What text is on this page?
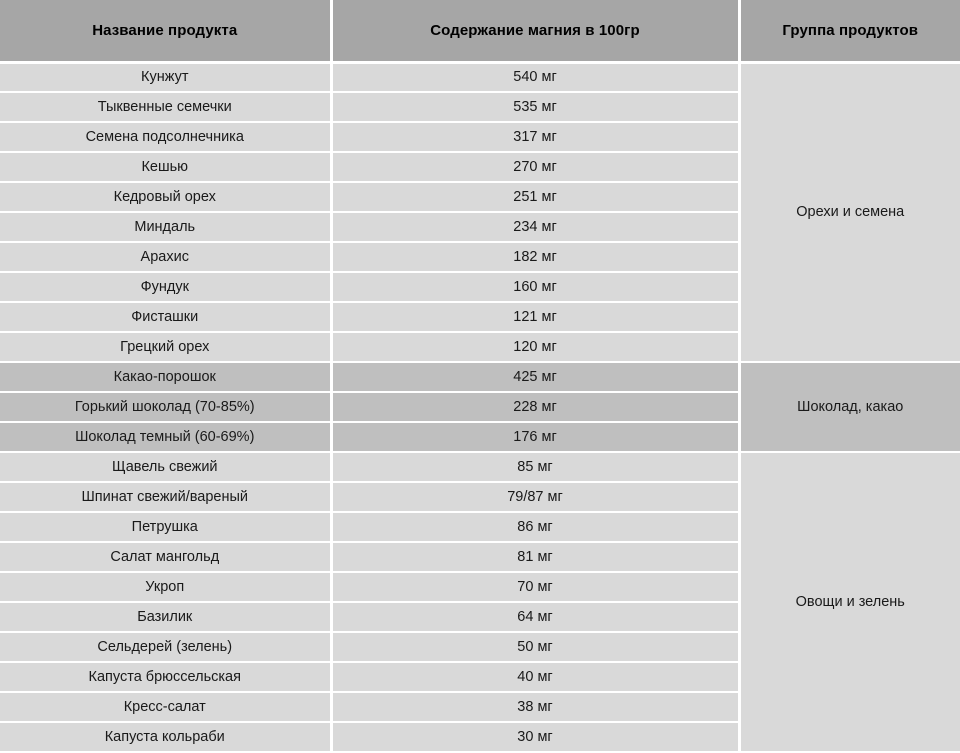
Название продукта	Содержание магния в 100гр	Группа продуктов
Кунжут	540 мг	Орехи и семена
Тыквенные семечки	535 мг	
Семена подсолнечника	317 мг	
Кешью	270 мг	
Кедровый орех	251 мг	
Миндаль	234 мг	
Арахис	182 мг	
Фундук	160 мг	
Фисташки	121 мг	
Грецкий орех	120 мг	
Какао-порошок	425 мг	Шоколад, какао
Горький шоколад (70-85%)	228 мг	
Шоколад темный (60-69%)	176 мг	
Щавель свежий	85 мг	Овощи и зелень
Шпинат свежий/вареный	79/87 мг	
Петрушка	86 мг	
Салат мангольд	81 мг	
Укроп	70 мг	
Базилик	64 мг	
Сельдерей (зелень)	50 мг	
Капуста брюссельская	40 мг	
Кресс-салат	38 мг	
Капуста кольраби	30 мг	
